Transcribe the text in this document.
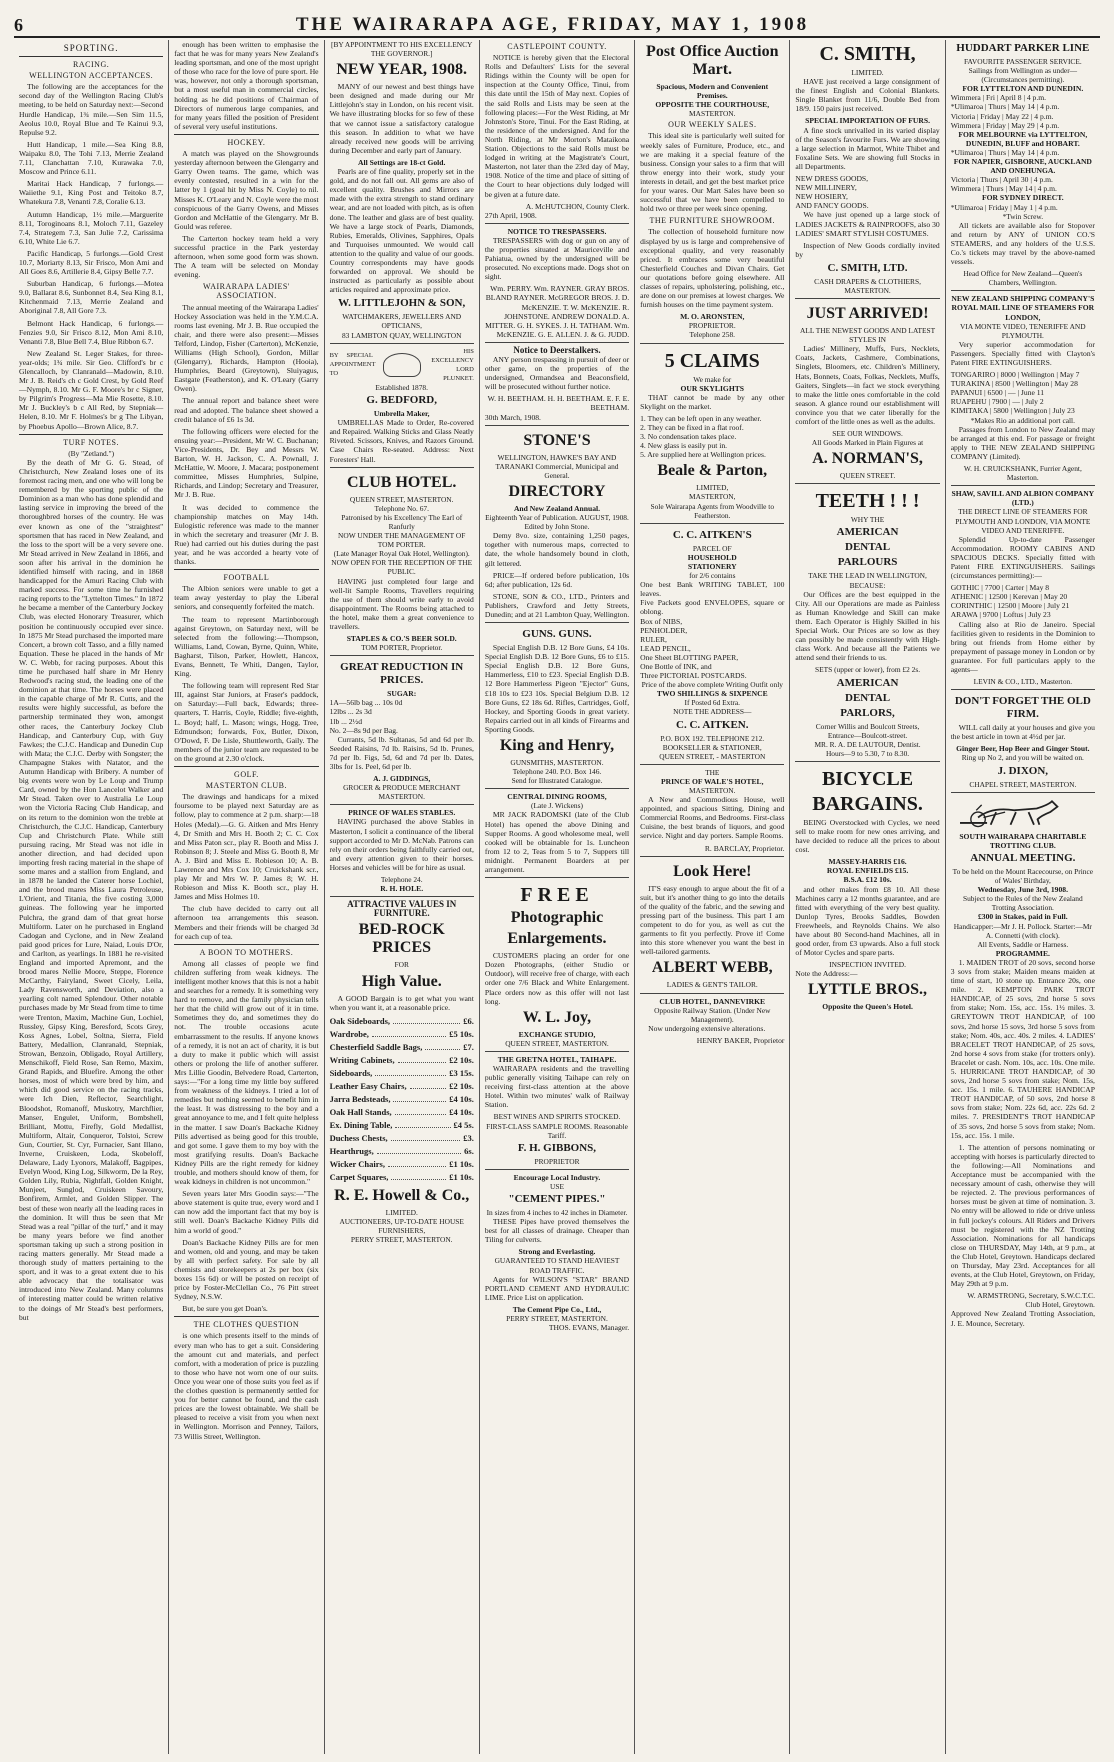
6	THE WAIRARAPA AGE, FRIDAY, MAY 1, 1908
SPORTING.
RACING.
WELLINGTON ACCEPTANCES.

The following are the acceptances for the second day of the Wellington Racing Club's meeting, to be held on Saturday next:—Second Hurdle Handicap, 1¾ mile.—Sen Sim 11.5, Aeolus 10.0, Royal Blue and Te Kainui 9.3, Repulse 9.2.

Hutt Handicap, 1 mile.—Sea King 8.8, Waipaku 8.0, The Tohi 7.13, Merrie Zealand 7.11, Clanchattan 7.10, Kurawaka 7.0, Moscow and Prince 6.11.

Maritai Hack Handicap, 7 furlongs.—Waiiethe 9.1, King Post and Teitoko 8.7, Whatekura 7.8, Venanti 7.8, Coralie 6.13.

Autumn Handicap, 1½ mile.—Marguerite 8.11, Toroginoans 8.1, Moloch 7.11, Gazeley 7.4, Strategem 7.3, San Julie 7.2, Carissima 6.10, White Lie 6.7.

Pacific Handicap, 5 furlongs.—Gold Crest 10.7, Moriarty 8.13, Sir Frisco, Mon Ami and All Goes 8.6, Artillerie 8.4, Gipsy Belle 7.7.

Suburban Handicap, 6 furlongs.—Motea 9.0, Ballarat 8.6, Sunbonnet 8.4, Sea King 8.1, Kitchenmaid 7.13, Merrie Zealand and Aboriginal 7.8, All Gore 7.3.

Belmont Hack Handicap, 6 furlongs.—Fenzies 9.0, Sir Frisco 8.12, Mon Ami 8.10, Venanti 7.8, Blue Bell 7.4, Blue Ribbon 6.7.

New Zealand St. Leger Stakes, for three-year-olds; 1¾ mile. Sir Geo. Clifford's br c Glencalloch, by Clanranald—Madowin, 8.10. Mr J. B. Reid's ch c Gold Crest, by Gold Reef—Nymph, 8.10. Mr G. F. Moore's br c Signer, by Pilgrim's Progress—Ma Mie Rosette, 8.10. Mr J. Buckley's b c All Red, by Stepniak—Helen, 8.10. Mr F. Holmes's br g The Libyan, by Phoebus Apollo—Brown Alice, 8.7.

TURF NOTES.
(By "Zetland.")

By the death of Mr G. G. Stead, of Christchurch, New Zealand loses one of its foremost racing men, and one who will long be remembered by the sporting public of the Dominion as a man who has done splendid and lasting service in improving the breed of the thoroughbred horses of the country. He was ever known as one of the "straightest" sportsmen that has raced in New Zealand, and the loss to the sport will be a very severe one. Mr Stead arrived in New Zealand in 1866, and soon after his arrival in the dominion he identified himself with racing, and in 1868 handicapped for the Amuri Racing Club with marked success. For some time he furnished racing reports to the "Lyttelton Times." In 1872 he became a member of the Canterbury Jockey Club, was elected Honorary Treasurer, which position he continuously occupied ever since. In 1875 Mr Stead purchased the imported mare Concert, a brown colt Tasso, and a filly named Equation. These he placed in the hands of Mr W. C. Webb, for racing purposes. About this time he purchased half share in Mr Henry Redwood's racing stud, the leading one of the dominion at that time. The horses were placed in the capable charge of Mr R. Cutts, and the results were highly successful, as before the partnership terminated they won, amongst other races, the Canterbury Jockey Club Handicap, and Canterbury Cup, with Guy Fawkes; the C.J.C. Handicap and Dunedin Cup with Mata; the C.J.C. Derby with Songster; the Champagne Stakes with Natator, and the Autumn Handicap with Bribery. A number of big events were won by Le Loup and Trump Card, owned by the Hon Lancelot Walker and Mr Stead. Taken over to Australia Le Loup won the Victoria Racing Club Handicap, and on its return to the dominion won the treble at Christchurch, the C.J.C. Handicap, Canterbury Cup and Christchurch Plate. While still pursuing racing, Mr Stead was not idle in another direction, and had decided upon importing fresh racing material in the shape of some mares and a stallion from England, and in 1878 he landed the Caterer horse Lochiel, and the brood mares Miss Laura Petroleuse, L'Orient, and Titania, the five costing 3,000 guineas. The following year he imported Pulchra, the grand dam of that great horse Multiform. Later on he purchased in England Cadogan and Cyclone, and in New Zealand paid good prices for Lure, Naiad, Louis D'Or, and Carlton, as yearlings. In 1881 he re-visited England and imported Apremont, and the brood mares Nellie Moore, Steppe, Florence McCarthy, Fairyland, Sweet Cicely, Leila, Lady Ravensworth, and Deviation, also a yearling colt named Splendour. Other notable purchases made by Mr Stead from time to time were Trenton, Maxim, Machine Gun, Lochiel, Russley, Gipsy King, Beresford, Scots Grey, Koss Agnes, Lobel, Soltna, Sierra, Field Battery, Medallion, Clanranald, Stepniak, Strowan, Benzoin, Obligado, Royal Artillery, Menschikoff, Field Rose, San Remo, Maxim, Grand Rapids, and Bluefire. Among the other horses, most of which were bred by him, and which did good service on the racing tracks, were Ich Dien, Reflector, Searchlight, Bloodshot, Romanoff, Muskotry, Marchflier, Manser, Engulet, Uniform, Bombshell, Brilliant, Mottu, Firefly, Gold Medallist, Multiform, Altair, Conqueror, Tolstoi, Screw Gun, Courtier, St. Cyr, Furnacier, Sant Illano, Inverne, Cruiskeen, Loda, Skobeloff, Delaware, Lady Lyonors, Malakoff, Bagpipes, Evelyn Wood, King Log, Silkworm, De la Rey, Golden Lily, Rubia, Nightfall, Golden Knight, Munjeet, Sunglod, Cruiskeen Savoury, Bonfirem, Armlet, and Golden Slipper. The best of these won nearly all the leading races in the dominion. It will thus be seen that Mr Stead was a real "pillar of the turf," and it may be many years before we find another sportsman taking up such a strong position in racing matters generally. Mr Stead made a thorough study of matters pertaining to the sport, and it was to a great extent due to his able advocacy that the totalisator was introduced into New Zealand. Many columns of interesting matter could be written relative to the doings of Mr Stead's best performers, but

enough has been written to emphasise the fact that he was for many years New Zealand's leading sportsman, and one of the most upright of those who race for the love of pure sport. He was, however, not only a thorough sportsman, but a most useful man in commercial circles, holding as he did positions of Chairman of Directors of numerous large companies, and for many years filled the position of President of several very useful institutions.

HOCKEY.

A match was played on the Showgrounds yesterday afternoon between the Glengarry and Garry Owen teams. The game, which was evenly contested, resulted in a win for the latter by 1 (goal hit by Miss N. Coyle) to nil. Misses K. O'Leary and N. Coyle were the most conspicuous of the Garry Owens, and Misses Gordon and McHattie of the Glengarry. Mr B. Gould was referee.

The Carterton hockey team held a very successful practice in the Park yesterday afternoon, when some good form was shown. The A team will be selected on Monday evening.

WAIRARAPA LADIES' ASSOCIATION.

The annual meeting of the Wairarapa Ladies' Hockey Association was held in the Y.M.C.A. rooms last evening. Mr J. B. Rue occupied the chair, and there were also present:—Misses Telford, Lindop, Fisher (Carterton), McKenzie, Williams (High School), Gordon, Millar (Glengarry), Richards, Hampton (Hooia), Humphries, Beard (Greytown), Sluiyagus, Eastgate (Featherston), and K. O'Leary (Garry Owen).

The annual report and balance sheet were read and adopted. The balance sheet showed a credit balance of £6 1s 3d.

The following officers were elected for the ensuing year:—President, Mr W. C. Buchanan; Vice-Presidents, Dr. Bey and Messrs W. Barton, W. H. Jackson, C. A. Pownall, J. McHattie, W. Moore, J. Macara; postponement committee, Misses Humphries, Sulpine, Richards, and Lindop; Secretary and Treasurer, Mr J. B. Rue.

It was decided to commence the championship matches on May 14th. Eulogistic reference was made to the manner in which the secretary and treasurer (Mr J. B. Rue) had carried out his duties during the past year, and he was accorded a hearty vote of thanks.

FOOTBALL

The Albion seniors were unable to get a team away yesterday to play the Liberal seniors, and consequently forfeited the match.

The team to represent Martinborough against Greytown, on Saturday next, will be selected from the following:—Thompson, Williams, Land, Cowan, Byrne, Quinn, White, Bagharst, Tilson, Parker, Howlett, Hancox, Evans, Bennett, Te Whiti, Dangen, Taylor, King.

The following team will represent Red Star III, against Star Juniors, at Fraser's paddock, on Saturday:—Full back, Edwards; three-quarters, T. Harris, Coyle, Riddle; five-eighth, L. Boyd; half, L. Mason; wings, Hogg, Tree, Edmundson; forwards, Fox, Butler, Dixon, O'Dowd, F. De Lisle, Shuttleworth, Gaily. The members of the junior team are requested to be on the ground at 2.30 o'clock.

GOLF.
MASTERTON CLUB.

The drawings and handicaps for a mixed foursome to be played next Saturday are as follow, play to commence at 2 p.m. sharp:—18 Holes (Medal).—G. G. Aitken and Mrs Henry 4, Dr Smith and Mrs H. Booth 2; C. C. Cox and Miss Paton scr., play R. Booth and Miss J. Robinson 8; J. Steele and Miss G. Booth 8, Mr A. J. Bird and Miss E. Robieson 10; A. B. Lawrence and Mrs Cox 10; Cruickshank scr., play Mr and Mrs W. P. James 8; W. H. Robieson and Miss K. Booth scr., play H. James and Miss Holmes 10.

The club have decided to carry out all afternoon tea arrangements this season. Members and their friends will be charged 3d for each cup of tea.

A BOON TO MOTHERS.

Among all classes of people we find children suffering from weak kidneys. The intelligent mother knows that this is not a habit and searches for a remedy. It is something very hard to remove, and the family physician tells her that the child will grow out of it in time. Sometimes they do, and sometimes they do not. The trouble occasions acute embarrassment to the results. If anyone knows of a remedy, it is not an act of charity, it is but a duty to make it public which will assist others or prolong the life of another sufferer. Mrs Lillie Goodin, Belvedere Road, Carterton, says:—"For a long time my little boy suffered from weakness of the kidneys. I tried a lot of remedies but nothing seemed to benefit him in the least. It was distressing to the boy and a great annoyance to me, and I felt quite helpless in the matter. I saw Doan's Backache Kidney Pills advertised as being good for this trouble, and got some. I gave them to my boy with the most gratifying results. Doan's Backache Kidney Pills are the right remedy for kidney trouble, and mothers should know of them, for weak kidneys in children is not uncommon."

Seven years later Mrs Goodin says:—"The above statement is quite true, every word and I can now add the important fact that my boy is still well. Doan's Backache Kidney Pills did him a world of good."

Doan's Backache Kidney Pills are for men and women, old and young, and may be taken by all with perfect safety. For sale by all chemists and storekeepers at 2s per box (six boxes 15s 6d) or will be posted on receipt of price by Foster-McClellan Co., 76 Pitt street Sydney, N.S.W.

But, be sure you get Doan's.

THE CLOTHES QUESTION

is one which presents itself to the minds of every man who has to get a suit. Considering the amount cut and materials, and perfect comfort, with a moderation of price is puzzling to those who have not worn one of our suits. Once you wear one of those suits you feel as if the clothes question is permanently settled for you for better cannot be found, and the cash prices are the lowest obtainable. We shall be pleased to receive a visit from you when next in Wellington. Morrison and Penney, Tailors, 73 Willis Street, Wellington.

[BY APPOINTMENT TO HIS EXCELLENCY THE GOVERNOR.]
NEW YEAR, 1908.

MANY of our newest and best things have been designed and made during our Mr Littlejohn's stay in London, on his recent visit. We have illustrating blocks for so few of these that we cannot issue a satisfactory catalogue this season. In addition to what we have already received new goods will be arriving during December and early part of January.

All Settings are 18-ct Gold.

Pearls are of fine quality, properly set in the gold, and do not fall out. All gems are also of excellent quality. Brushes and Mirrors are made with the extra strength to stand ordinary wear, and are not loaded with pitch, as is often done. The leather and glass are of best quality. We have a large stock of Pearls, Diamonds, Rubies, Emeralds, Olivines, Sapphires, Opals and Turquoises unmounted. We would call attention to the quality and value of our goods. Country correspondents may have goods forwarded on approval. We should be instructed as particularly as possible about articles required and approximate price.

W. LITTLEJOHN & SON,
WATCHMAKERS, JEWELLERS AND OPTICIANS,
83 LAMBTON QUAY, WELLINGTON
BY SPECIAL APPOINTMENT TO
HIS EXCELLENCY LORD PLUNKET.
Established 1878.
G. BEDFORD,
Umbrella Maker,

UMBRELLAS Made to Order, Re-covered and Repaired. Walking Sticks and Glass Neatly Riveted. Scissors, Knives, and Razors Ground. Case Chairs Re-seated. Address: Next Foresters' Hall.

CLUB HOTEL.
QUEEN STREET, MASTERTON.
Telephone No. 67.
Patronised by his Excellency The Earl of Ranfurly
NOW UNDER THE MANAGEMENT OF TOM PORTER.
(Late Manager Royal Oak Hotel, Wellington).
NOW OPEN FOR THE RECEPTION OF THE PUBLIC.

HAVING just completed four large and well-lit Sample Rooms, Travellers requiring the use of them should write early to avoid disappointment. The Rooms being attached to the hotel, make them a great convenience to travellers.

STAPLES & CO.'S BEER SOLD.
TOM PORTER, Proprietor.
GREAT REDUCTION IN PRICES.
SUGAR:
1A—56lb bag ... 10s 0d
12lbs ... 2s 3d
1lb ... 2½d
No. 2—8s 9d per Bag.

Currants, 5d lb. Sultanas, 5d and 6d per lb. Seeded Raisins, 7d lb. Raisins, 5d lb. Prunes, 7d per lb. Figs, 5d, 6d and 7d per lb. Dates, 3lbs for 1s. Peel, 6d per lb.

A. J. GIDDINGS,
GROCER & PRODUCE MERCHANT MASTERTON.
PRINCE OF WALES STABLES.

HAVING purchased the above Stables in Masterton, I solicit a continuance of the liberal support accorded to Mr D. McNab. Patrons can rely on their orders being faithfully carried out, and every attention given to their horses. Horses and vehicles will be for hire as usual.

Telephone 24.
R. H. HOLE.
ATTRACTIVE VALUES IN FURNITURE.
BED-ROCK PRICES
FOR
High Value.

A GOOD Bargain is to get what you want when you want it, at a reasonable price.

Oak Sideboards,	£6.
Wardrobe,	£5 10s.
Chesterfield Saddle Bags,	£7.
Writing Cabinets,	£2 10s.
Sideboards,	£3 15s.
Leather Easy Chairs,	£2 10s.
Jarra Bedsteads,	£4 10s.
Oak Hall Stands,	£4 10s.
Ex. Dining Table,	£4 5s.
Duchess Chests,	£3.
Hearthrugs,	6s.
Wicker Chairs,	£1 10s.
Carpet Squares,	£1 10s.
R. E. Howell & Co.,
LIMITED.
AUCTIONEERS, UP-TO-DATE HOUSE FURNISHERS,
PERRY STREET, MASTERTON.
CASTLEPOINT COUNTY.

NOTICE is hereby given that the Electoral Rolls and Defaulters' Lists for the several Ridings within the County will be open for inspection at the County Office, Tinui, from this date until the 15th of May next. Copies of the said Rolls and Lists may be seen at the following places:—For the West Riding, at Mr Johnston's Store, Tinui. For the East Riding, at the residence of the undersigned. And for the North Riding, at Mr Morton's Mataikona Station. Objections to the said Rolls must be lodged in writing at the Magistrate's Court, Masterton, not later than the 23rd day of May, 1908. Notice of the time and place of sitting of the Court to hear objections duly lodged will be given at a future date.

A. McHUTCHON, County Clerk.
27th April, 1908.
NOTICE TO TRESPASSERS.

TRESPASSERS with dog or gun on any of the properties situated at Mauriceville and Pahiatua, owned by the undersigned will be prosecuted. No exceptions made. Dogs shot on sight.

Wm. PERRY. Wm. RAYNER. GRAY BROS. BLAND RAYNER. McGREGOR BROS. J. D. McKENZIE. T. W. McKENZIE. R. JOHNSTONE. ANDREW DONALD. A. MITTER. G. H. SYKES. J. H. TATHAM. Wm. McKENZIE. G. E. ALLEN. J. & G. JUDD.
Notice to Deerstalkers.

ANY person trespassing in pursuit of deer or other game, on the properties of the undersigned, Ormandsea and Beaconsfield, will be prosecuted without further notice.

W. H. BEETHAM. H. H. BEETHAM. E. F. E. BEETHAM.
30th March, 1908.
STONE'S
WELLINGTON, HAWKE'S BAY AND TARANAKI Commercial, Municipal and General.
DIRECTORY
And New Zealand Annual.
Eighteenth Year of Publication. AUGUST, 1908. Edited by John Stone.

Demy 8vo. size, containing 1,250 pages, together with numerous maps, corrected to date, the whole handsomely bound in cloth, gilt lettered.

PRICE—If ordered before publication, 10s 6d; after publication, 12s 6d.

STONE, SON & CO., LTD., Printers and Publishers, Crawford and Jetty Streets, Dunedin; and at 21 Lambton Quay, Wellington.

GUNS. GUNS.

Special English D.B. 12 Bore Guns, £4 10s. Special English D.B. 12 Bore Guns, £6 to £15. Special English D.B. 12 Bore Guns, Hammerless, £10 to £23. Special English D.B. 12 Bore Hammerless Pigeon "Ejector" Guns, £18 10s to £23 10s. Special Belgium D.B. 12 Bore Guns, £2 18s 6d. Rifles, Cartridges, Golf, Hockey, and Sporting Goods in great variety. Repairs carried out in all kinds of Firearms and Sporting Goods.

King and Henry,
GUNSMITHS, MASTERTON.
Telephone 240. P.O. Box 146.
Send for Illustrated Catalogue.
CENTRAL DINING ROOMS,
(Late J. Wickens)

MR JACK RADOMSKI (late of the Club Hotel) has opened the above Dining and Supper Rooms. A good wholesome meal, well cooked will be obtainable for 1s. Luncheon from 12 to 2, Teas from 5 to 7, Suppers till midnight. Permanent Boarders at per arrangement.

FREE
Photographic
Enlargements.

CUSTOMERS placing an order for one Dozen Photographs, (either Studio or Outdoor), will receive free of charge, with each order one 7/6 Black and White Enlargement. Place orders now as this offer will not last long.

W. L. Joy,
EXCHANGE STUDIO,
QUEEN STREET, MASTERTON.
THE GRETNA HOTEL, TAIHAPE.

WAIRARAPA residents and the travelling public generally visiting Taihape can rely on receiving first-class attention at the above Hotel. Within two minutes' walk of Railway Station.

BEST WINES AND SPIRITS STOCKED. FIRST-CLASS SAMPLE ROOMS. Reasonable Tariff.
F. H. GIBBONS,
PROPRIETOR
Encourage Local Industry.
USE
"CEMENT PIPES."
In sizes from 4 inches to 42 inches in Diameter.

THESE Pipes have proved themselves the best for all classes of drainage. Cheaper than Tiling for culverts.

Strong and Everlasting.
GUARANTEED TO STAND HEAVIEST ROAD TRAFFIC.

Agents for WILSON'S "STAR" BRAND PORTLAND CEMENT AND HYDRAULIC LIME. Price List on application.

The Cement Pipe Co., Ltd.,
PERRY STREET, MASTERTON.
THOS. EVANS, Manager.
Post Office Auction Mart.
Spacious, Modern and Convenient Premises.
OPPOSITE THE COURTHOUSE,
MASTERTON.
OUR WEEKLY SALES.

This ideal site is particularly well suited for weekly sales of Furniture, Produce, etc., and we are making it a special feature of the business. Consign your sales to a firm that will throw energy into their work, study your interests in detail, and get the best market price for your wares. Our Mart Sales have been so successful that we have been compelled to hold two or three per week since opening.

THE FURNITURE SHOWROOM.

The collection of household furniture now displayed by us is large and comprehensive of exceptional quality, and very reasonably priced. It embraces some very beautiful Chesterfield Couches and Divan Chairs. Get our quotations before going elsewhere. All classes of repairs, upholstering, polishing, etc., are done on our premises at lowest charges. We furnish houses on the time payment system.

M. O. ARONSTEN,
PROPRIETOR.
Telephone 258.
5 CLAIMS
We make for
OUR SKYLIGHTS

THAT cannot be made by any other Skylight on the market.

1. They can be left open in any weather.
2. They can be fixed in a flat roof.
3. No condensation takes place.
4. New glass is easily put in.
5. Are supplied here at Wellington prices.
Beale & Parton,
LIMITED,
MASTERTON,
Sole Wairarapa Agents from Woodville to Featherston.
C. C. AITKEN'S
PARCEL OF
HOUSEHOLD
STATIONERY
for 2/6 contains
One best Bank WRITING TABLET, 100 leaves.
Five Packets good ENVELOPES, square or oblong.
Box of NIBS,
PENHOLDER,
RULER,
LEAD PENCIL,
One Sheet BLOTTING PAPER,
One Bottle of INK, and
Three PICTORIAL POSTCARDS.
Price of the above complete Writing Outfit only
TWO SHILLINGS & SIXPENCE
If Posted 6d Extra.
NOTE THE ADDRESS—
C. C. AITKEN.
P.O. BOX 192. TELEPHONE 212.
BOOKSELLER & STATIONER,
QUEEN STREET, - MASTERTON
THE
PRINCE OF WALE'S HOTEL,
MASTERTON.

A New and Commodious House, well appointed, and spacious Sitting, Dining and Commercial Rooms, and Bedrooms. First-class Cuisine, the best brands of liquors, and good service. Night and day porters. Sample Rooms.

R. BARCLAY, Proprietor.
Look Here!

IT'S easy enough to argue about the fit of a suit, but it's another thing to go into the details of the quality of the fabric, and the sewing and pressing part of the business. This part I am competent to do for you, as well as cut the garments to fit you perfectly. Prove it! Come into this store whenever you want the best in well-tailored garments.

ALBERT WEBB,
LADIES & GENT'S TAILOR.
CLUB HOTEL, DANNEVIRKE
Opposite Railway Station. (Under New Management).

Now undergoing extensive alterations.

HENRY BAKER, Proprietor
C. SMITH,
LIMITED.

HAVE just received a large consignment of the finest English and Colonial Blankets. Single Blanket from 11/6, Double Bed from 18/9. 150 pairs just received.

SPECIAL IMPORTATION OF FURS.

A fine stock unrivalled in its varied display of the Season's favourite Furs. We are showing a large selection in Marmot, White Thibet and Foxaline Sets. We are showing full Stocks in all Departments.

NEW DRESS GOODS,
NEW MILLINERY,
NEW HOSIERY,
AND FANCY GOODS.

We have just opened up a large stock of LADIES JACKETS & RAINPROOFS, also 30 LADIES' SMART STYLISH COSTUMES.

Inspection of New Goods cordially invited by

C. SMITH, LTD.
CASH DRAPERS & CLOTHIERS,
MASTERTON.
JUST ARRIVED!
ALL THE NEWEST GOODS AND LATEST STYLES IN

Ladies' Millinery, Muffs, Furs, Necklets, Coats, Jackets, Cashmere, Combinations, Singlets, Bloomers, etc. Children's Millinery, Hats, Bonnets, Coats, Folkas, Necklets, Muffs, Gaiters, Singlets—in fact we stock everything to make the little ones comfortable in the cold season. A glance round our establishment will convince you that we cater liberally for the comfort of the little ones as well as the adults.

SEE OUR WINDOWS.
All Goods Marked in Plain Figures at
A. NORMAN'S,
QUEEN STREET.
TEETH ! ! !
WHY THE
AMERICAN
DENTAL
PARLOURS
TAKE THE LEAD IN WELLINGTON,
BECAUSE:

Our Offices are the best equipped in the City. All our Operations are made as Painless as Human Knowledge and Skill can make them. Each Operator is Highly Skilled in his Special Work. Our Prices are so low as they can possibly be made consistently with High-class Work. And because all the Patients we attend send their friends to us.

SETS (upper or lower), from £2 2s.
AMERICAN
DENTAL
PARLORS,
Corner Willis and Boulcott Streets,
Entrance—Boulcott-street.
MR. R. A. DE LAUTOUR, Dentist.
Hours—9 to 5.30, 7 to 8.30.
BICYCLE
BARGAINS.

BEING Overstocked with Cycles, we need sell to make room for new ones arriving, and have decided to reduce all the prices to about cost.

MASSEY-HARRIS £16.
ROYAL ENFIELDS £15.
B.S.A. £12 10s.

and other makes from £8 10. All these Machines carry a 12 months guarantee, and are fitted with everything of the very best quality. Dunlop Tyres, Brooks Saddles, Bowden Freewheels, and Reynolds Chains. We also have about 80 Second-hand Machines, all in good order, from £3 upwards. Also a full stock of Motor Cycles and spare parts.

INSPECTION INVITED.
Note the Address:—
LYTTLE BROS.,
Opposite the Queen's Hotel.
HUDDART PARKER LINE
FAVOURITE PASSENGER SERVICE.
Sailings from Wellington as under—(Circumstances permitting).
FOR LYTTELTON AND DUNEDIN.
Wimmera | Fri | April 8 | 4 p.m.
*Ulimaroa | Thurs | May 14 | 4 p.m.
Victoria | Friday | May 22 | 4 p.m.
Wimmera | Friday | May 29 | 4 p.m.
FOR MELBOURNE via LYTTELTON, DUNEDIN, BLUFF and HOBART.
*Ulimaroa | Thurs | May 14 | 4 p.m.
FOR NAPIER, GISBORNE, AUCKLAND AND ONEHUNGA.
Victoria | Thurs | April 30 | 4 p.m.
Wimmera | Thurs | May 14 | 4 p.m.
FOR SYDNEY DIRECT.
*Ulimaroa | Friday | May 1 | 4 p.m.
*Twin Screw.

All tickets are available also for Stopover and return by ANY of UNION CO.'S STEAMERS, and any holders of the U.S.S. Co.'s tickets may travel by the above-named vessels.

Head Office for New Zealand—Queen's Chambers, Wellington.
NEW ZEALAND SHIPPING COMPANY'S ROYAL MAIL LINE OF STEAMERS FOR LONDON,
VIA MONTE VIDEO, TENERIFFE AND PLYMOUTH.

Very superior accommodation for Passengers. Specially fitted with Clayton's Patent FIRE EXTINGUISHERS.

TONGARIRO | 8000 | Wellington | May 7
TURAKINA | 8500 | Wellington | May 28
PAPANUI | 6500 | — | June 11
RUAPEHU | 7900 | — | July 2
KIMITAKA | 5800 | Wellington | July 23
*Makes Rio an additional port call.

Passages from London to New Zealand may be arranged at this end. For passage or freight apply to THE NEW ZEALAND SHIPPING COMPANY (Limited).

W. H. CRUICKSHANK, Furrier Agent, Masterton.
SHAW, SAVILL AND ALBION COMPANY (LTD.)
THE DIRECT LINE OF STEAMERS FOR PLYMOUTH AND LONDON, VIA MONTE VIDEO AND TENERIFFE.

Splendid Up-to-date Passenger Accommodation. ROOMY CABINS AND SPACIOUS DECKS. Specially fitted with Patent FIRE EXTINGUISHERS. Sailings (circumstances permitting):—

GOTHIC | 7700 | Carter | May 8
ATHENIC | 12500 | Kerevan | May 20
CORINTHIC | 12500 | Moore | July 21
ARAWA | 9700 | Loftus | July 23

Calling also at Rio de Janeiro. Special facilities given to residents in the Dominion to bring out friends from Home either by prepayment of passage money in London or by guarantee. For full particulars apply to the agents—

LEVIN & CO., LTD., Masterton.
DON'T FORGET THE OLD FIRM.

WILL call daily at your houses and give you the best article in town at 4½d per jar.

Ginger Beer, Hop Beer and Ginger Stout.
Ring up No 2, and you will be waited on.
J. DIXON,
CHAPEL STREET, MASTERTON.
SOUTH WAIRARAPA CHARITABLE TROTTING CLUB.
ANNUAL MEETING.
To be held on the Mount Racecourse, on Prince of Wales' Birthday,
Wednesday, June 3rd, 1908.
Subject to the Rules of the New Zealand Trotting Association.
£300 in Stakes, paid in Full.
Handicapper:—Mr J. H. Pollock. Starter:—Mr A. Connetti (with clock).
All Events, Saddle or Harness.
PROGRAMME.

1. MAIDEN TROT of 20 sovs, second horse 3 sovs from stake; Maiden means maiden at time of start, 10 stone up. Entrance 20s, one mile. 2. KEMPTON PARK TROT HANDICAP, of 25 sovs, 2nd horse 5 sovs from stake; Nom. 15s, acc. 15s. 1½ miles. 3. GREYTOWN TROT HANDICAP, of 100 sovs, 2nd horse 15 sovs, 3rd horse 5 sovs from stake; Nom. 40s, acc. 40s. 2 miles. 4. LADIES' BRACELET TROT HANDICAP, of 25 sovs, 2nd horse 4 sovs from stake (for trotters only). Bracelet or cash. Nom. 10s, acc. 10s. One mile. 5. HURRICANE TROT HANDICAP, of 30 sovs, 2nd horse 5 sovs from stake; Nom. 15s, acc. 15s. 1 mile. 6. TAUHERE HANDICAP TROT HANDICAP, of 50 sovs, 2nd horse 8 sovs from stake; Nom. 22s 6d, acc. 22s 6d. 2 miles. 7. PRESIDENT'S TROT HANDICAP of 35 sovs, 2nd horse 5 sovs from stake; Nom. 15s, acc. 15s. 1 mile.

1. The attention of persons nominating or accepting with horses is particularly directed to the following:—All Nominations and Acceptance must be accompanied with the necessary amount of cash, otherwise they will be rejected. 2. The previous performances of horses must be given at time of nomination. 3. No entry will be allowed to ride or drive unless in full jockey's colours. All Riders and Drivers must be registered with the NZ Trotting Association. Nominations for all handicaps close on THURSDAY, May 14th, at 9 p.m., at the Club Hotel, Greytown. Handicaps declared on Thursday, May 23rd. Acceptances for all events, at the Club Hotel, Greytown, on Friday, May 29th at 9 p.m.

W. ARMSTRONG, Secretary, S.W.C.T.C.
Club Hotel, Greytown.
Approved New Zealand Trotting Association, J. E. Mounce, Secretary.
